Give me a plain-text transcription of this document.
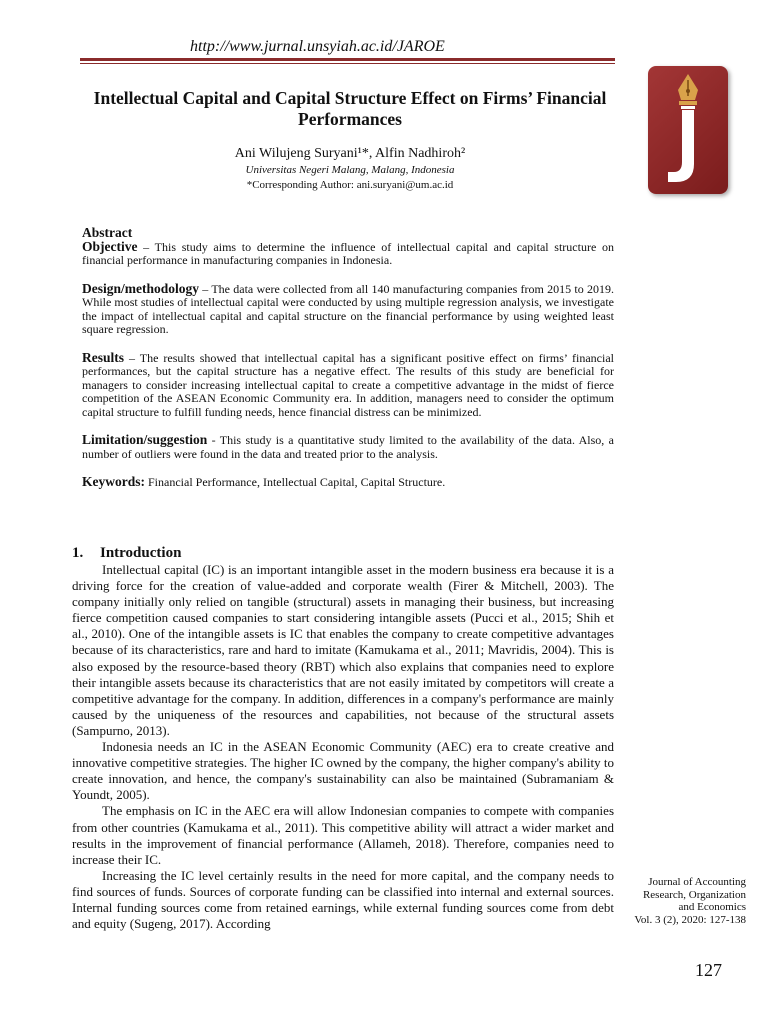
http://www.jurnal.unsyiah.ac.id/JAROE
Intellectual Capital and Capital Structure Effect on Firms’ Financial Performances
Ani Wilujeng Suryani¹*, Alfin Nadhiroh²
Universitas Negeri Malang, Malang, Indonesia
*Corresponding Author: ani.suryani@um.ac.id
Abstract

Objective – This study aims to determine the influence of intellectual capital and capital structure on financial performance in manufacturing companies in Indonesia.

Design/methodology – The data were collected from all 140 manufacturing companies from 2015 to 2019. While most studies of intellectual capital were conducted by using multiple regression analysis, we investigate the impact of intellectual capital and capital structure on the financial performance by using weighted least square regression.

Results – The results showed that intellectual capital has a significant positive effect on firms’ financial performances, but the capital structure has a negative effect. The results of this study are beneficial for managers to consider increasing intellectual capital to create a competitive advantage in the midst of fierce competition of the ASEAN Economic Community era. In addition, managers need to consider the optimum capital structure to fulfill funding needs, hence financial distress can be minimized.

Limitation/suggestion - This study is a quantitative study limited to the availability of the data. Also, a number of outliers were found in the data and treated prior to the analysis.

Keywords: Financial Performance, Intellectual Capital, Capital Structure.

1. Introduction

Intellectual capital (IC) is an important intangible asset in the modern business era because it is a driving force for the creation of value-added and corporate wealth (Firer & Mitchell, 2003). The company initially only relied on tangible (structural) assets in managing their business, but increasing fierce competition caused companies to start considering intangible assets (Pucci et al., 2015; Shih et al., 2010). One of the intangible assets is IC that enables the company to create competitive advantages because of its characteristics, rare and hard to imitate (Kamukama et al., 2011; Mavridis, 2004). This is also exposed by the resource-based theory (RBT) which also explains that companies need to explore their intangible assets because its characteristics that are not easily imitated by competitors will create a competitive advantage for the company. In addition, differences in a company's performance are mainly caused by the uniqueness of the resources and capabilities, not because of the structural assets (Sampurno, 2013).

Indonesia needs an IC in the ASEAN Economic Community (AEC) era to create creative and innovative competitive strategies. The higher IC owned by the company, the higher company's ability to create innovation, and hence, the company's sustainability can also be maintained (Subramaniam & Youndt, 2005).

The emphasis on IC in the AEC era will allow Indonesian companies to compete with companies from other countries (Kamukama et al., 2011). This competitive ability will attract a wider market and results in the improvement of financial performance (Allameh, 2018). Therefore, companies need to increase their IC.

Increasing the IC level certainly results in the need for more capital, and the company needs to find sources of funds. Sources of corporate funding can be classified into internal and external sources. Internal funding sources come from retained earnings, while external funding sources come from debt and equity (Sugeng, 2017). According

Journal of Accounting
Research, Organization
and Economics
Vol. 3 (2), 2020: 127-138
127
